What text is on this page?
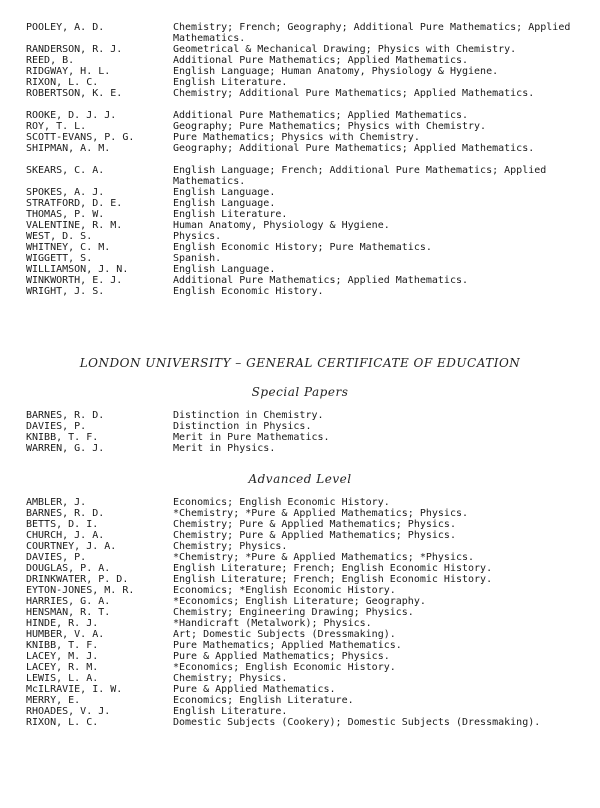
POOLEY, A. D.	Chemistry; French; Geography; Additional Pure Mathematics; Applied Mathematics.
RANDERSON, R. J.	Geometrical & Mechanical Drawing; Physics with Chemistry.
REED, B.	Additional Pure Mathematics; Applied Mathematics.
RIDGWAY, H. L.	English Language; Human Anatomy, Physiology & Hygiene.
RIXON, L. C.	English Literature.
ROBERTSON, K. E.	Chemistry; Additional Pure Mathematics; Applied Mathematics.
ROOKE, D. J. J.	Additional Pure Mathematics; Applied Mathematics.
ROY, T. L.	Geography; Pure Mathematics; Physics with Chemistry.
SCOTT-EVANS, P. G.	Pure Mathematics; Physics with Chemistry.
SHIPMAN, A. M.	Geography; Additional Pure Mathematics; Applied Mathematics.
SKEARS, C. A.	English Language; French; Additional Pure Mathematics; Applied Mathematics.
SPOKES, A. J.	English Language.
STRATFORD, D. E.	English Language.
THOMAS, P. W.	English Literature.
VALENTINE, R. M.	Human Anatomy, Physiology & Hygiene.
WEST, D. S.	Physics.
WHITNEY, C. M.	English Economic History; Pure Mathematics.
WIGGETT, S.	Spanish.
WILLIAMSON, J. N.	English Language.
WINKWORTH, E. J.	Additional Pure Mathematics; Applied Mathematics.
WRIGHT, J. S.	English Economic History.
LONDON UNIVERSITY – GENERAL CERTIFICATE OF EDUCATION
Special Papers
BARNES, R. D.	Distinction in Chemistry.
DAVIES, P.	Distinction in Physics.
KNIBB, T. F.	Merit in Pure Mathematics.
WARREN, G. J.	Merit in Physics.
Advanced Level
AMBLER, J.	Economics; English Economic History.
BARNES, R. D.	*Chemistry; *Pure & Applied Mathematics; Physics.
BETTS, D. I.	Chemistry; Pure & Applied Mathematics; Physics.
CHURCH, J. A.	Chemistry; Pure & Applied Mathematics; Physics.
COURTNEY, J. A.	Chemistry; Physics.
DAVIES, P.	*Chemistry; *Pure & Applied Mathematics; *Physics.
DOUGLAS, P. A.	English Literature; French; English Economic History.
DRINKWATER, P. D.	English Literature; French; English Economic History.
EYTON-JONES, M. R.	Economics; *English Economic History.
HARRIES, G. A.	*Economics; English Literature; Geography.
HENSMAN, R. T.	Chemistry; Engineering Drawing; Physics.
HINDE, R. J.	*Handicraft (Metalwork); Physics.
HUMBER, V. A.	Art; Domestic Subjects (Dressmaking).
KNIBB, T. F.	Pure Mathematics; Applied Mathematics.
LACEY, M. J.	Pure & Applied Mathematics; Physics.
LACEY, R. M.	*Economics; English Economic History.
LEWIS, L. A.	Chemistry; Physics.
McILRAVIE, I. W.	Pure & Applied Mathematics.
MERRY, E.	Economics; English Literature.
RHOADES, V. J.	English Literature.
RIXON, L. C.	Domestic Subjects (Cookery); Domestic Subjects (Dressmaking).
